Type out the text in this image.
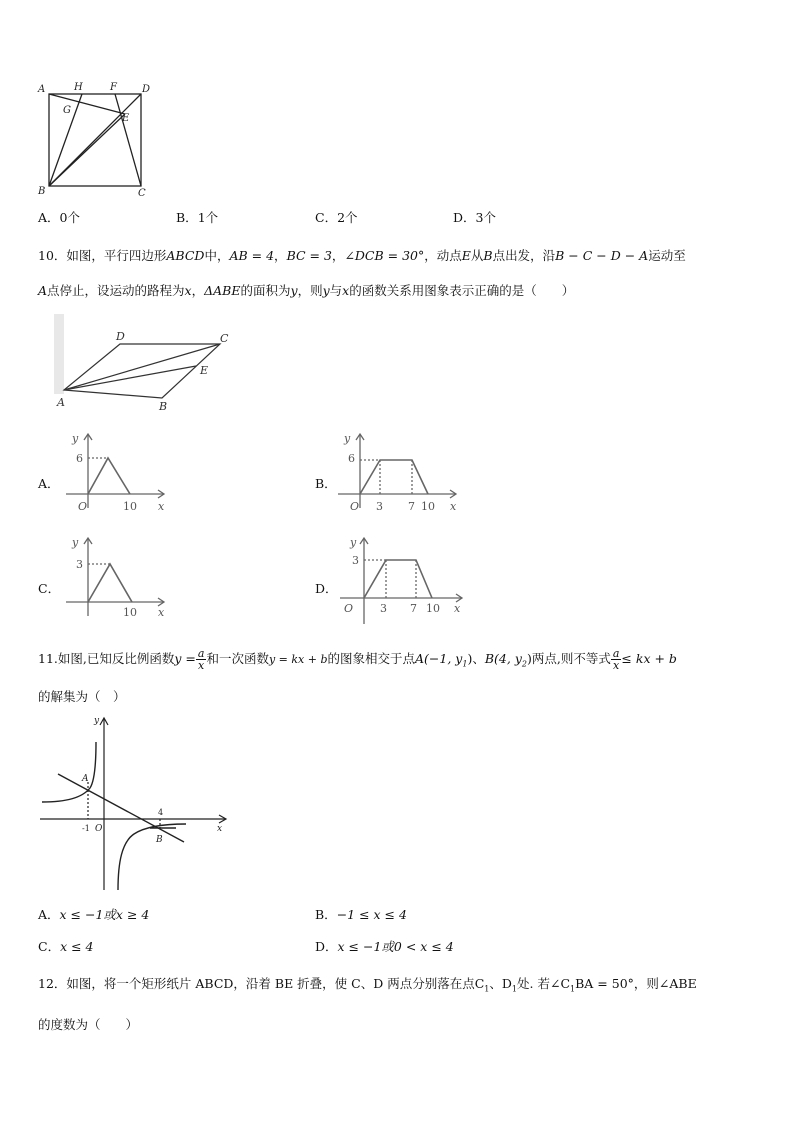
A	H	F	D
G
E
B	C
A．0个	B．1个	C．2个	D．3个
10．如图，平行四边形ABCD中，AB = 4，BC = 3，∠DCB = 30°，动点E从B点出发，沿B − C − D − A运动至
A点停止，设运动的路程为x，ΔABE的面积为y，则y与x的函数关系用图象表示正确的是（　　）
A	B
C
D
E
A．	B．
C．	D．
y
6
O	10 x
y
6
O 3 7 10 x
y
3
10 x
y
3
O 3 7 10 x
11.如图,已知反比例函数$y = \frac{a}{x}$ 和一次函数y = kx + b的图象相交于点A(−1, $y_1$)、B(4, $y_2$)两点,则不等式 $\frac{a}{x}$ ≤ kx + b
的解集为（　）
y
x
O
A
B
-1
4
A．x ≤ −1或x ≥ 4	B．−1 ≤ x ≤ 4
C．x ≤ 4	D．x ≤ −1或0 < x ≤ 4
12．如图，将一个矩形纸片 ABCD，沿着 BE 折叠，使 C、D 两点分别落在点$C_1$、$D_1$处. 若$\angle C_1BA = 50^\circ$，则∠ABE
的度数为（　　）
